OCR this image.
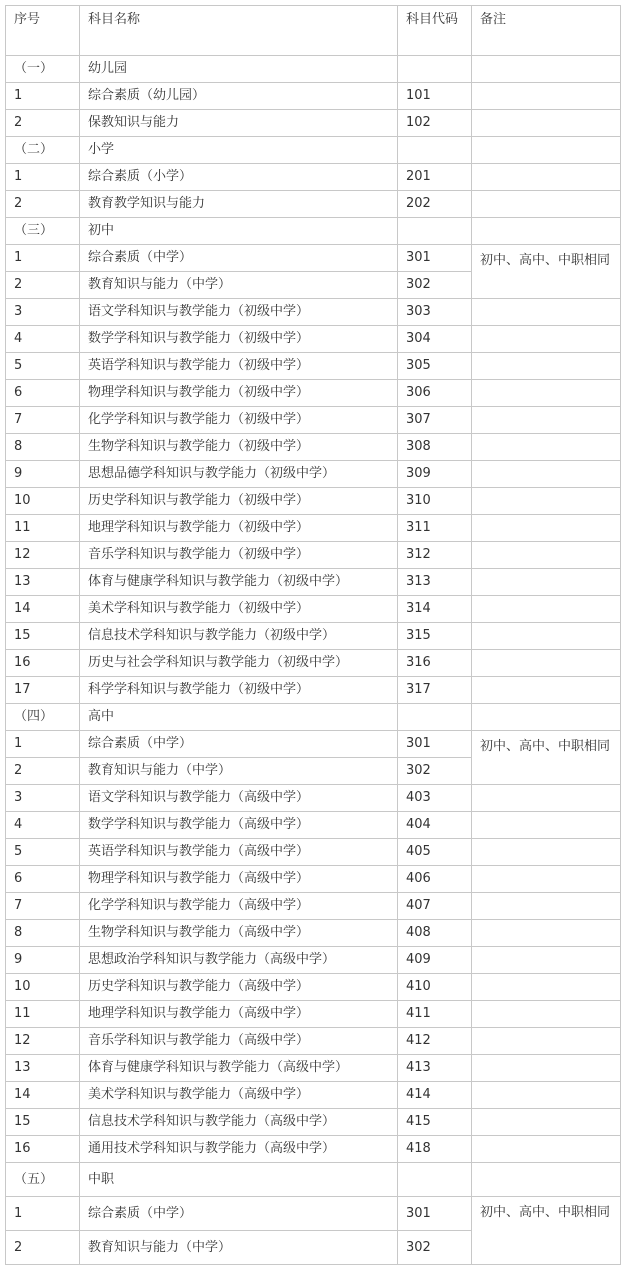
序号	科目名称	科目代码	备注
（一）	幼儿园		
1	综合素质（幼儿园）	101	
2	保教知识与能力	102	
（二）	小学		
1	综合素质（小学）	201	
2	教育教学知识与能力	202	
（三）	初中		
1	综合素质（中学）	301	初中、高中、中职相同
2	教育知识与能力（中学）	302	
3	语文学科知识与教学能力（初级中学）	303	
4	数学学科知识与教学能力（初级中学）	304	
5	英语学科知识与教学能力（初级中学）	305	
6	物理学科知识与教学能力（初级中学）	306	
7	化学学科知识与教学能力（初级中学）	307	
8	生物学科知识与教学能力（初级中学）	308	
9	思想品德学科知识与教学能力（初级中学）	309	
10	历史学科知识与教学能力（初级中学）	310	
11	地理学科知识与教学能力（初级中学）	311	
12	音乐学科知识与教学能力（初级中学）	312	
13	体育与健康学科知识与教学能力（初级中学）	313	
14	美术学科知识与教学能力（初级中学）	314	
15	信息技术学科知识与教学能力（初级中学）	315	
16	历史与社会学科知识与教学能力（初级中学）	316	
17	科学学科知识与教学能力（初级中学）	317	
（四）	高中		
1	综合素质（中学）	301	初中、高中、中职相同
2	教育知识与能力（中学）	302	
3	语文学科知识与教学能力（高级中学）	403	
4	数学学科知识与教学能力（高级中学）	404	
5	英语学科知识与教学能力（高级中学）	405	
6	物理学科知识与教学能力（高级中学）	406	
7	化学学科知识与教学能力（高级中学）	407	
8	生物学科知识与教学能力（高级中学）	408	
9	思想政治学科知识与教学能力（高级中学）	409	
10	历史学科知识与教学能力（高级中学）	410	
11	地理学科知识与教学能力（高级中学）	411	
12	音乐学科知识与教学能力（高级中学）	412	
13	体育与健康学科知识与教学能力（高级中学）	413	
14	美术学科知识与教学能力（高级中学）	414	
15	信息技术学科知识与教学能力（高级中学）	415	
16	通用技术学科知识与教学能力（高级中学）	418	
（五）	中职		
1	综合素质（中学）	301	初中、高中、中职相同
2	教育知识与能力（中学）	302	
